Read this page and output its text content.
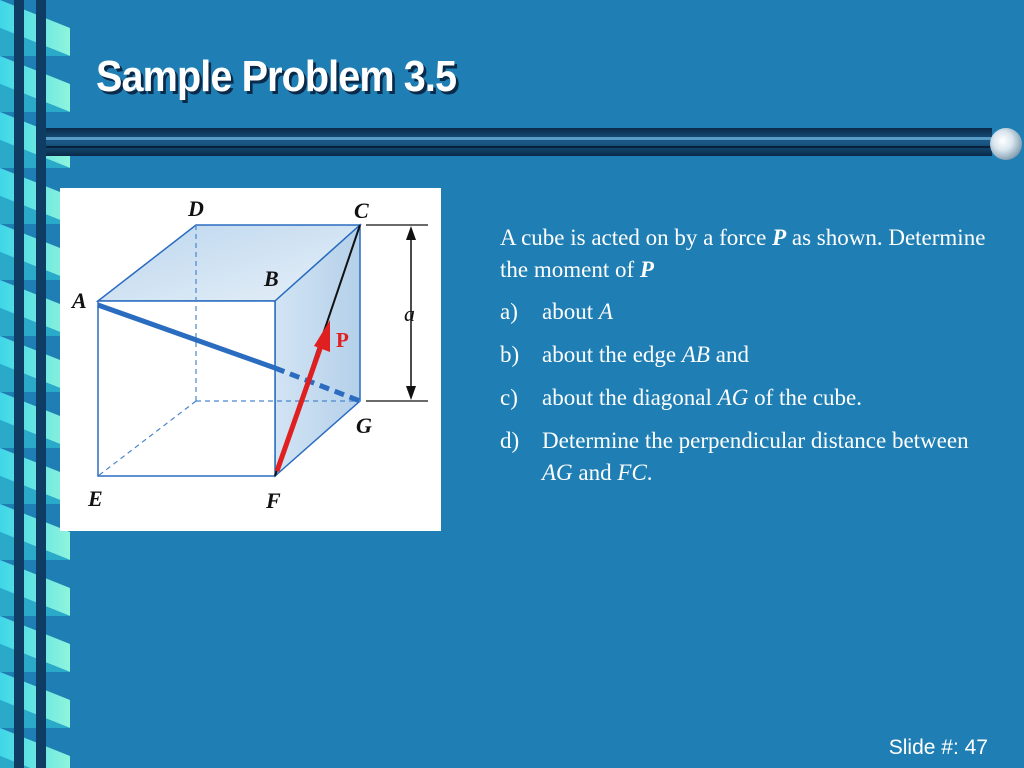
Sample Problem 3.5
D	C
B
A
a
P
G
E	F

A cube is acted on by a force P as shown. Determine the moment of P

a)	about A
b) about the edge AB and
c)	about the diagonal AG of the cube.
d) Determine the perpendicular distance between AG and FC.
Slide #: 47
